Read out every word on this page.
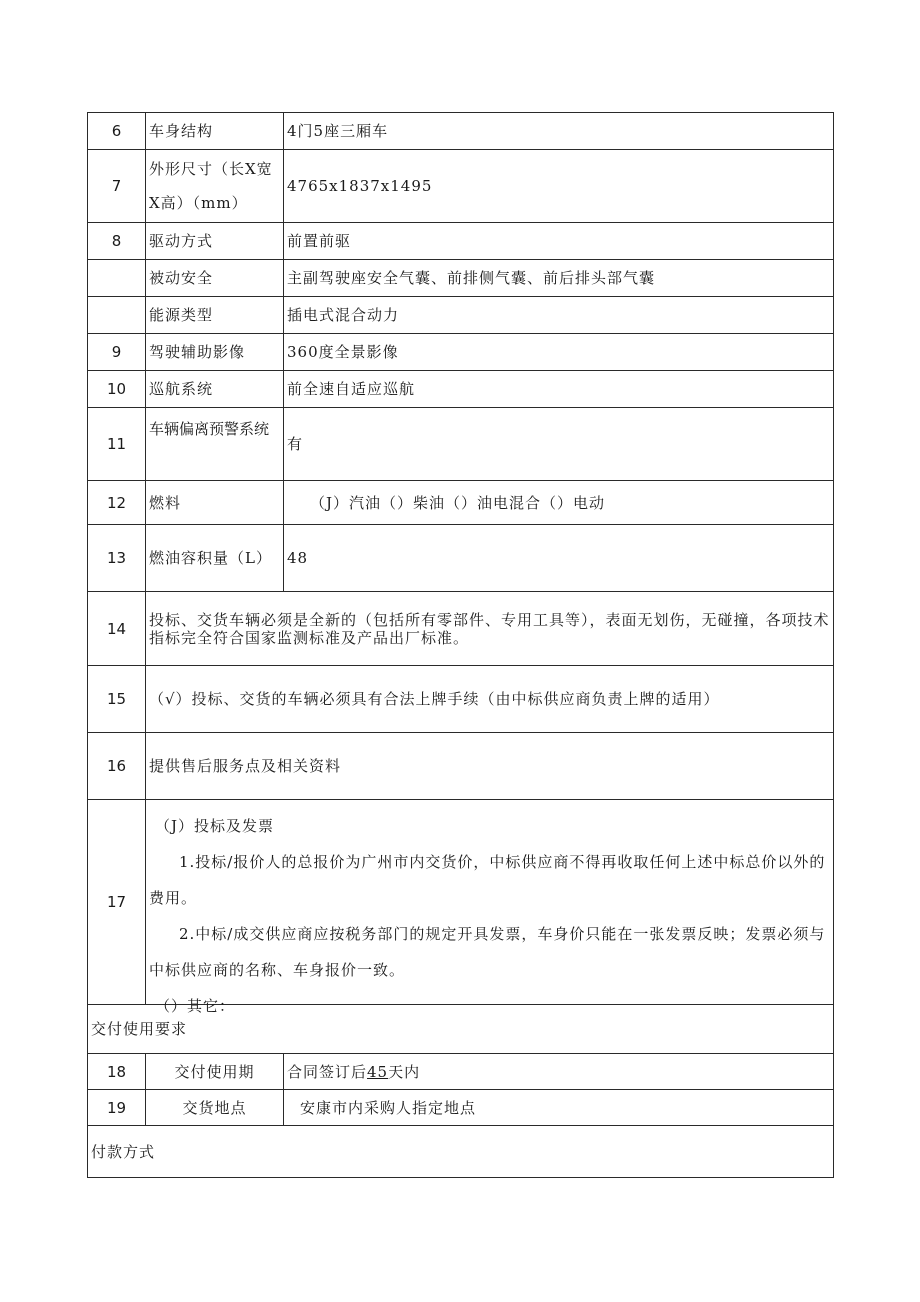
6	车身结构	4门5座三厢车
7	外形尺寸（长X宽X高）（mm）	4765x1837x1495
8	驱动方式	前置前驱
	被动安全	主副驾驶座安全气囊、前排侧气囊、前后排头部气囊
	能源类型	插电式混合动力
9	驾驶辅助影像	360度全景影像
10	巡航系统	前全速自适应巡航
11	车辆偏离预警系统	有
12	燃料	（J）汽油（）柴油（）油电混合（）电动
13	燃油容积量（L）	48
14	投标、交货车辆必须是全新的（包括所有零部件、专用工具等），表面无划伤，无碰撞，各项技术指标完全符合国家监测标准及产品出厂标准。	
15	（√）投标、交货的车辆必须具有合法上牌手续（由中标供应商负责上牌的适用）	
16	提供售后服务点及相关资料	
17	（J）投标及发票

1.投标/报价人的总报价为广州市内交货价，中标供应商不得再收取任何上述中标总价以外的费用。

2.中标/成交供应商应按税务部门的规定开具发票，车身价只能在一张发票反映；发票必须与中标供应商的名称、车身报价一致。

（）其它：	

交付使用要求		
18	交付使用期	合同签订后45天内
19	交货地点	安康市内采购人指定地点
付款方式		
